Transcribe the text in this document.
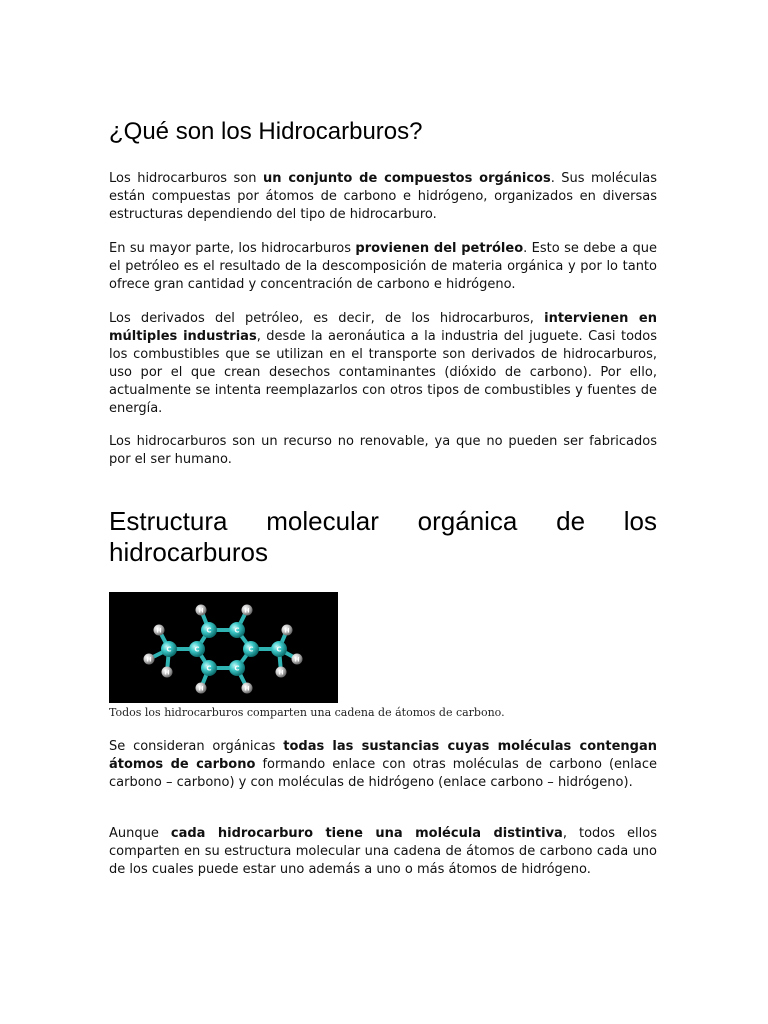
¿Qué son los Hidrocarburos?

Los hidrocarburos son un conjunto de compuestos orgánicos. Sus moléculas están compuestas por átomos de carbono e hidrógeno, organizados en diversas estructuras dependiendo del tipo de hidrocarburo.

En su mayor parte, los hidrocarburos provienen del petróleo. Esto se debe a que el petróleo es el resultado de la descomposición de materia orgánica y por lo tanto ofrece gran cantidad y concentración de carbono e hidrógeno.

Los derivados del petróleo, es decir, de los hidrocarburos, intervienen en múltiples industrias, desde la aeronáutica a la industria del juguete. Casi todos los combustibles que se utilizan en el transporte son derivados de hidrocarburos, uso por el que crean desechos contaminantes (dióxido de carbono). Por ello, actualmente se intenta reemplazarlos con otros tipos de combustibles y fuentes de energía.

Los hidrocarburos son un recurso no renovable, ya que no pueden ser fabricados por el ser humano.

Estructura molecular orgánica de los hidrocarburos
C	C
C
C
C
C
C	C
H	H
H	H
H
H
H
H
H
H
Todos los hidrocarburos comparten una cadena de átomos de carbono.

Se consideran orgánicas todas las sustancias cuyas moléculas contengan átomos de carbono formando enlace con otras moléculas de carbono (enlace carbono – carbono) y con moléculas de hidrógeno (enlace carbono – hidrógeno).

Aunque cada hidrocarburo tiene una molécula distintiva, todos ellos comparten en su estructura molecular una cadena de átomos de carbono cada uno de los cuales puede estar uno además a uno o más átomos de hidrógeno.
